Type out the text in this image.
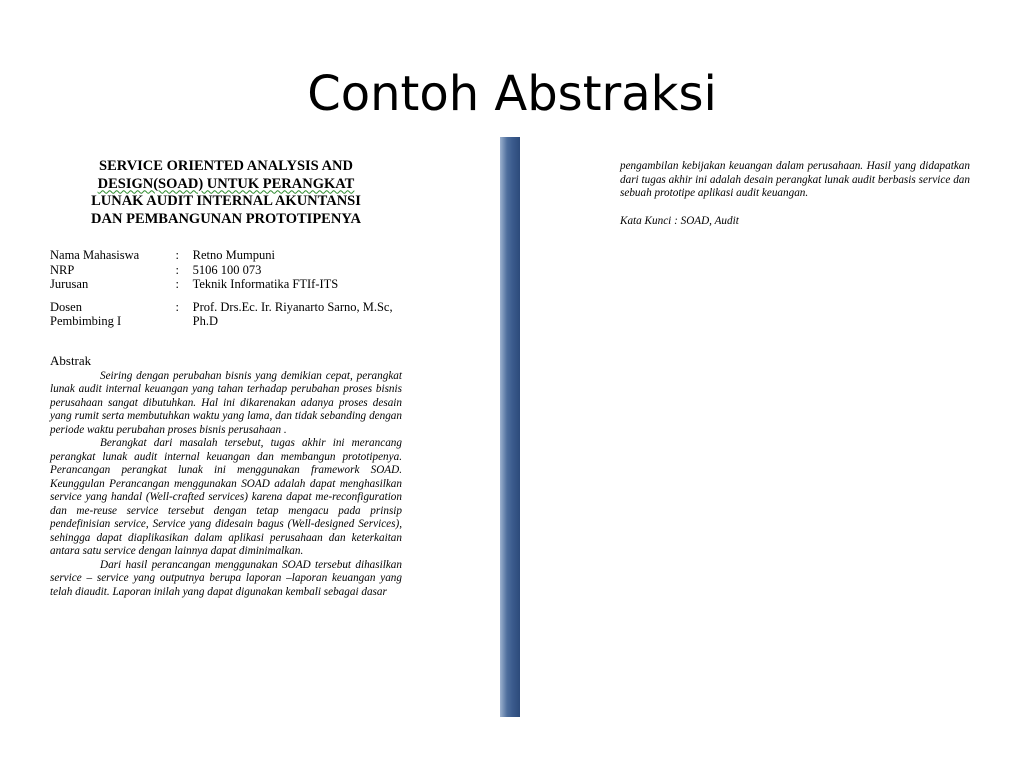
Contoh Abstraksi
SERVICE ORIENTED ANALYSIS AND
DESIGN(SOAD) UNTUK PERANGKAT
LUNAK AUDIT INTERNAL AKUNTANSI
DAN PEMBANGUNAN PROTOTIPENYA
Nama Mahasiswa	:	Retno Mumpuni
NRP	:	5106 100 073
Jurusan	:	Teknik Informatika FTIf-ITS

Dosen
Pembimbing I	:	Prof. Drs.Ec. Ir. Riyanarto Sarno, M.Sc, Ph.D
Abstrak

Seiring dengan perubahan bisnis yang demikian cepat, perangkat lunak audit internal keuangan yang tahan terhadap perubahan proses bisnis perusahaan sangat dibutuhkan. Hal ini dikarenakan adanya proses desain yang rumit serta membutuhkan waktu yang lama, dan tidak sebanding dengan periode waktu perubahan proses bisnis perusahaan .

Berangkat dari masalah tersebut, tugas akhir ini merancang perangkat lunak audit internal keuangan dan membangun prototipenya. Perancangan perangkat lunak ini menggunakan framework SOAD. Keunggulan Perancangan menggunakan SOAD adalah dapat menghasilkan service yang handal (Well-crafted services) karena dapat me-reconfiguration dan me-reuse service tersebut dengan tetap mengacu pada prinsip pendefinisian service, Service yang didesain bagus (Well-designed Services), sehingga dapat diaplikasikan dalam aplikasi perusahaan dan keterkaitan antara satu service dengan lainnya dapat diminimalkan.

Dari hasil perancangan menggunakan SOAD tersebut dihasilkan service – service yang outputnya berupa laporan –laporan keuangan yang telah diaudit. Laporan inilah yang dapat digunakan kembali sebagai dasar

pengambilan kebijakan keuangan dalam perusahaan. Hasil yang didapatkan dari tugas akhir ini adalah desain perangkat lunak audit berbasis service dan sebuah prototipe aplikasi audit keuangan.

Kata Kunci : SOAD, Audit
